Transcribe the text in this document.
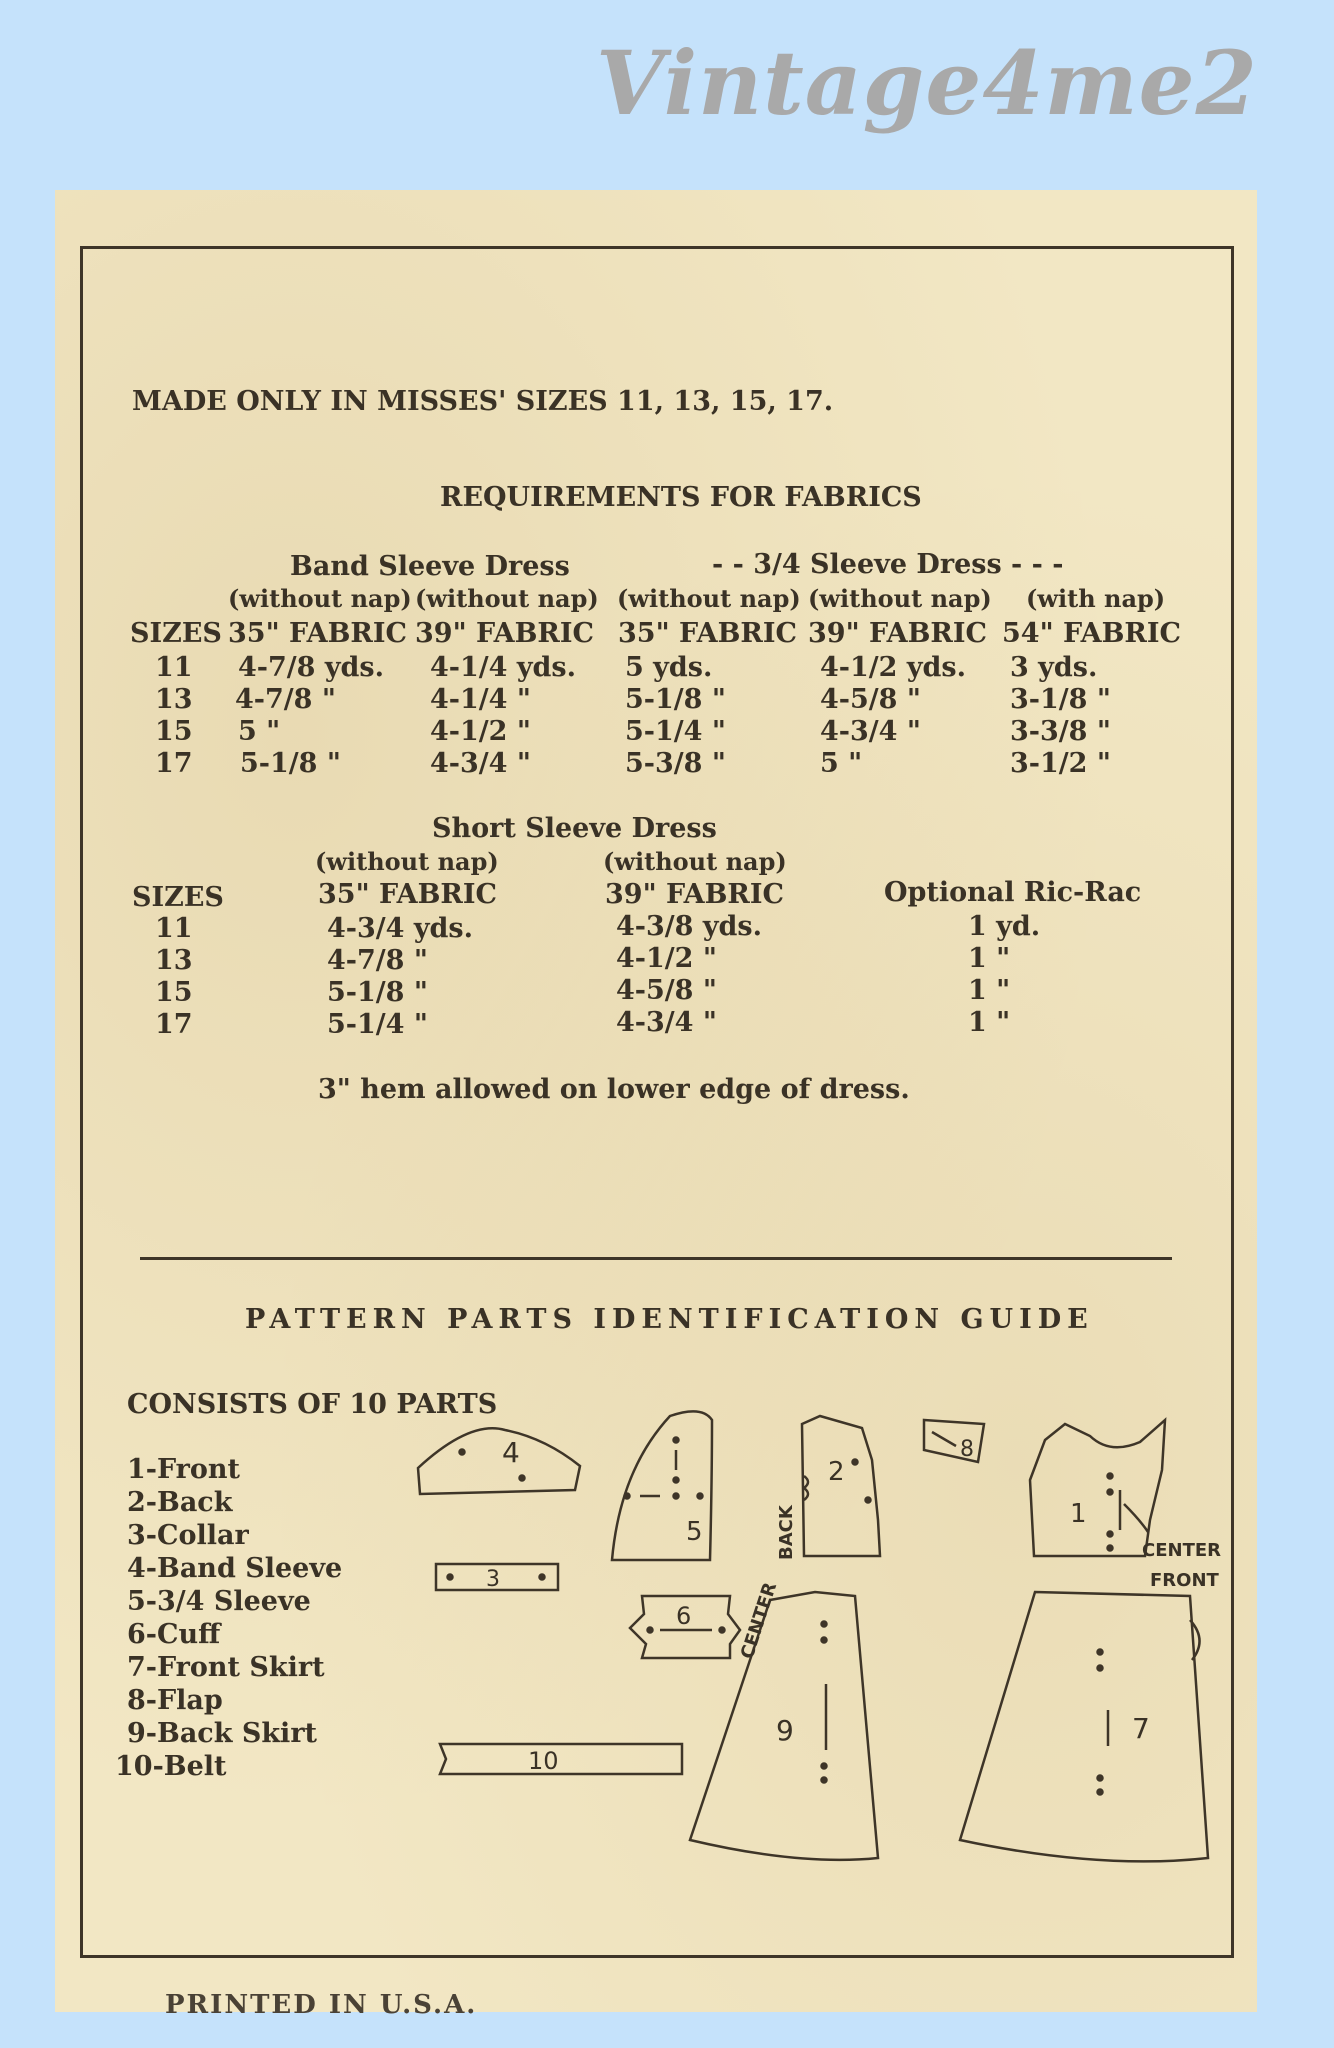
Vintage4me2
MADE ONLY IN MISSES' SIZES 11, 13, 15, 17.
REQUIREMENTS FOR FABRICS
Band Sleeve Dress	- - 3/4 Sleeve Dress - - -
(without nap) (without nap) (without nap) (without nap) (with nap)
SIZES 35" FABRIC 39" FABRIC 35" FABRIC 39" FABRIC 54" FABRIC
11 4-7/8 yds. 4-1/4 yds. 5 yds.	4-1/2 yds. 3 yds.
13 4-7/8 "	4-1/4 "	5-1/8 "	4-5/8 "	3-1/8 "
15 5 "	4-1/2 "	5-1/4 "	4-3/4 "	3-3/8 "
17 5-1/8 "	4-3/4 "	5-3/8 "	5 "	3-1/2 "
Short Sleeve Dress
(without nap)	(without nap)
SIZES	35" FABRIC	39" FABRIC	Optional Ric-Rac
11	4-3/4 yds.	4-3/8 yds.	1 yd.
13	4-7/8 "	4-1/2 "	1 "
15	5-1/8 "	4-5/8 "	1 "
17	5-1/4 "	4-3/4 "	1 "
3" hem allowed on lower edge of dress.
PATTERN PARTS IDENTIFICATION GUIDE
CONSISTS OF 10 PARTS
1-Front
2-Back
3-Collar
4-Band Sleeve
5-3/4 Sleeve
6-Cuff
7-Front Skirt
8-Flap
9-Back Skirt
10-Belt
4
3
10
5
2
BACK
8
1
CENTER
FRONT
6
9
CENTER
7
PRINTED IN U.S.A.
